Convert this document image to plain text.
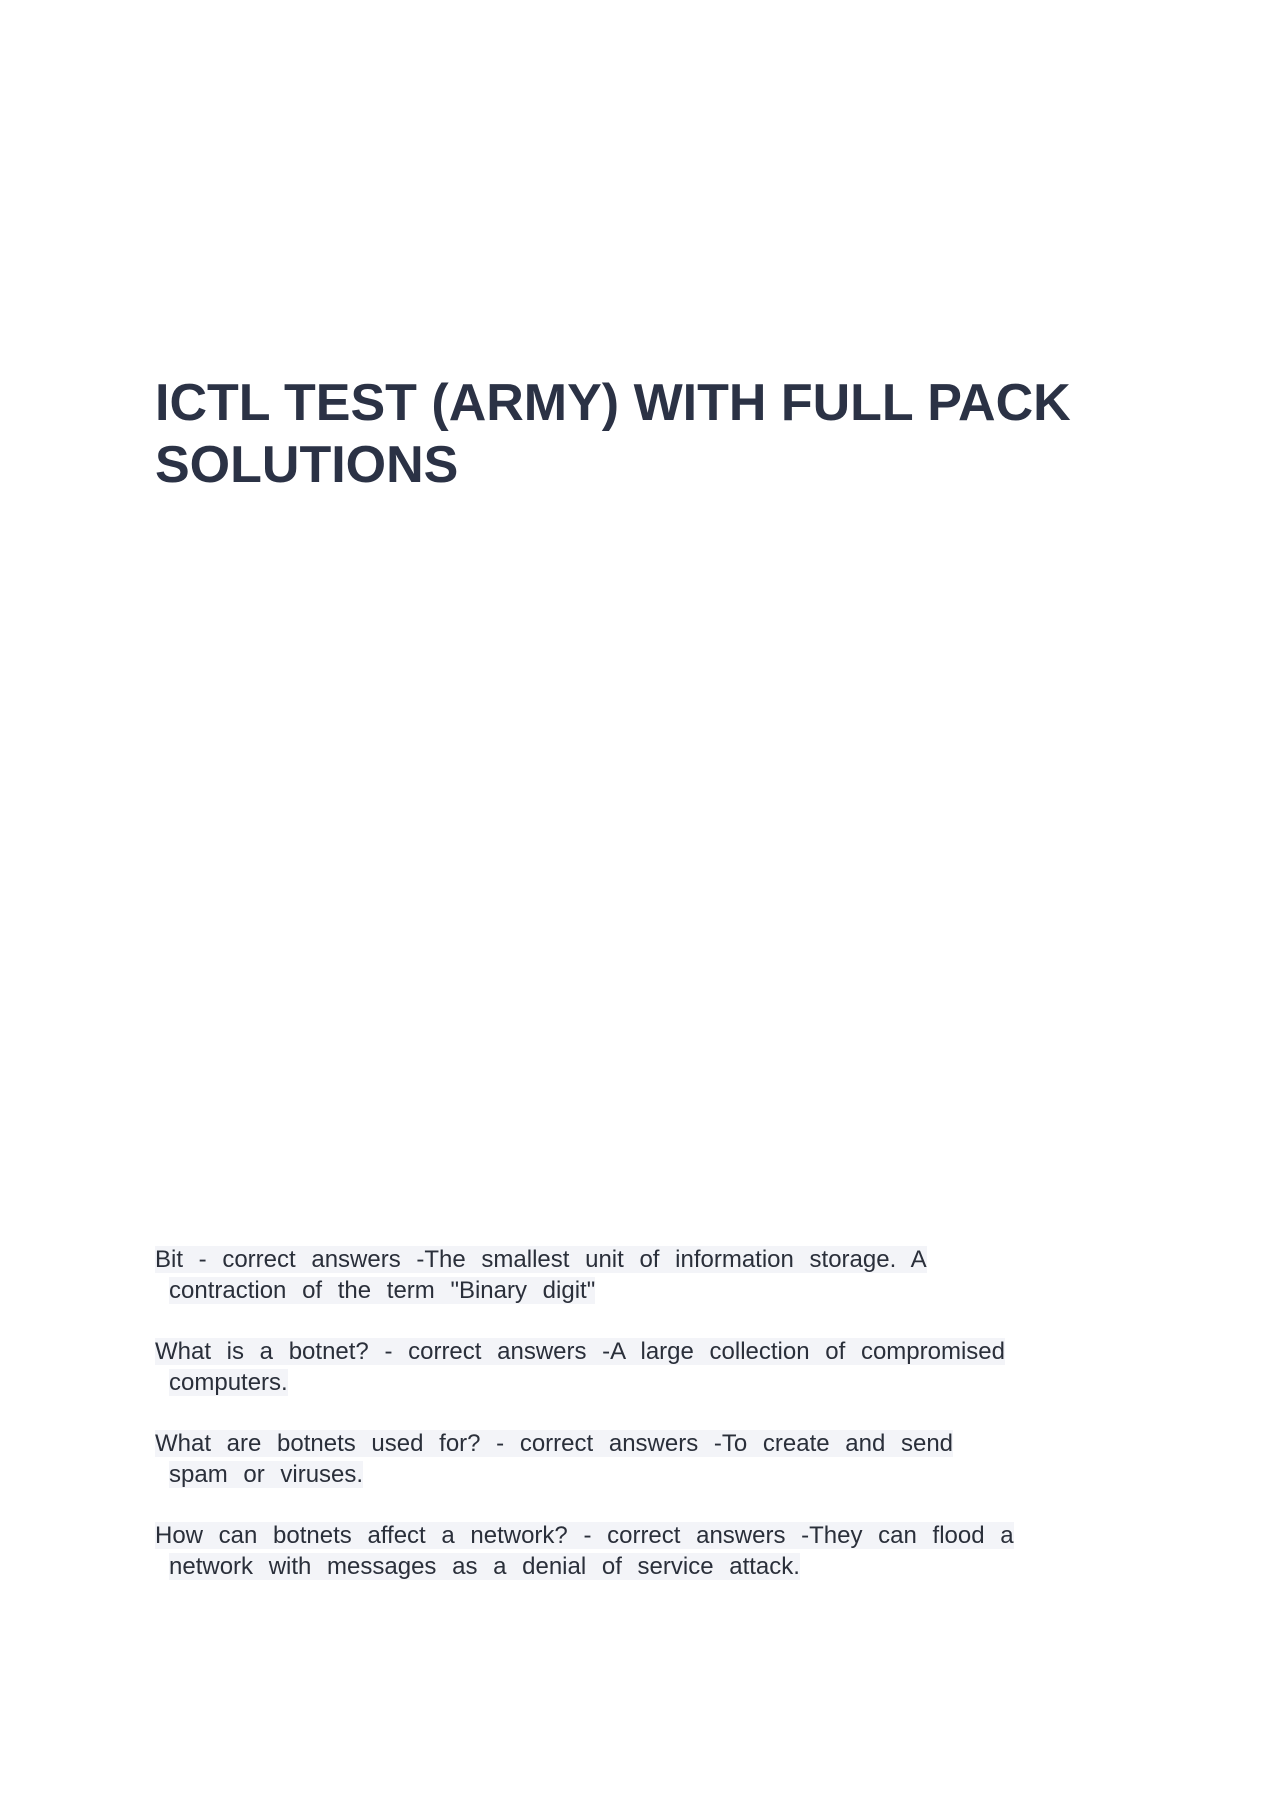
ICTL TEST (ARMY) WITH FULL PACK
SOLUTIONS
Bit - correct answers -The smallest unit of information storage. A
contraction of the term "Binary digit"
What is a botnet? - correct answers -A large collection of compromised
computers.
What are botnets used for? - correct answers -To create and send
spam or viruses.
How can botnets affect a network? - correct answers -They can flood a
network with messages as a denial of service attack.
